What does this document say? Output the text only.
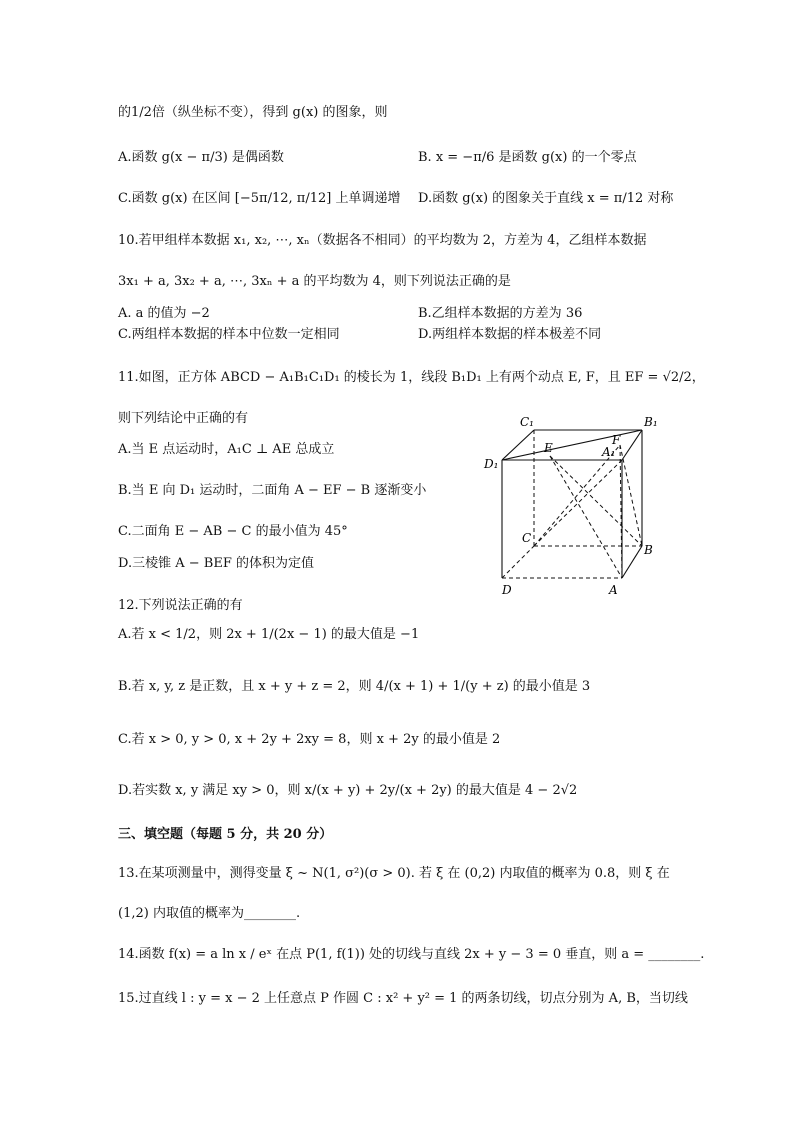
的1/2倍（纵坐标不变），得到 g(x) 的图象，则
A.函数 g(x − π/3) 是偶函数	B. x = −π/6 是函数 g(x) 的一个零点
C.函数 g(x) 在区间 [−5π/12, π/12] 上单调递增 D.函数 g(x) 的图象关于直线 x = π/12 对称
10.若甲组样本数据 x₁, x₂, ⋯, xₙ（数据各不相同）的平均数为 2，方差为 4，乙组样本数据
3x₁ + a, 3x₂ + a, ⋯, 3xₙ + a 的平均数为 4，则下列说法正确的是
A. a 的值为 −2	B.乙组样本数据的方差为 36
C.两组样本数据的样本中位数一定相同	D.两组样本数据的样本极差不同
11.如图，正方体 ABCD − A₁B₁C₁D₁ 的棱长为 1，线段 B₁D₁ 上有两个动点 E, F，且 EF = √2/2，
则下列结论中正确的有
A.当 E 点运动时，A₁C ⊥ AE 总成立
B.当 E 向 D₁ 运动时，二面角 A − EF − B 逐渐变小
C.二面角 E − AB − C 的最小值为 45°
D.三棱锥 A − BEF 的体积为定值
C₁	B₁
D₁
A₁
E
F
C
B
D	A
12.下列说法正确的有
A.若 x < 1/2，则 2x + 1/(2x − 1) 的最大值是 −1
B.若 x, y, z 是正数，且 x + y + z = 2，则 4/(x + 1) + 1/(y + z) 的最小值是 3
C.若 x > 0, y > 0, x + 2y + 2xy = 8，则 x + 2y 的最小值是 2
D.若实数 x, y 满足 xy > 0，则 x/(x + y) + 2y/(x + 2y) 的最大值是 4 − 2√2
三、填空题（每题 5 分，共 20 分）
13.在某项测量中，测得变量 ξ ~ N(1, σ²)(σ > 0). 若 ξ 在 (0,2) 内取值的概率为 0.8，则 ξ 在
(1,2) 内取值的概率为________.
14.函数 f(x) = a ln x / eˣ 在点 P(1, f(1)) 处的切线与直线 2x + y − 3 = 0 垂直，则 a = ________.
15.过直线 l : y = x − 2 上任意点 P 作圆 C : x² + y² = 1 的两条切线，切点分别为 A, B，当切线
